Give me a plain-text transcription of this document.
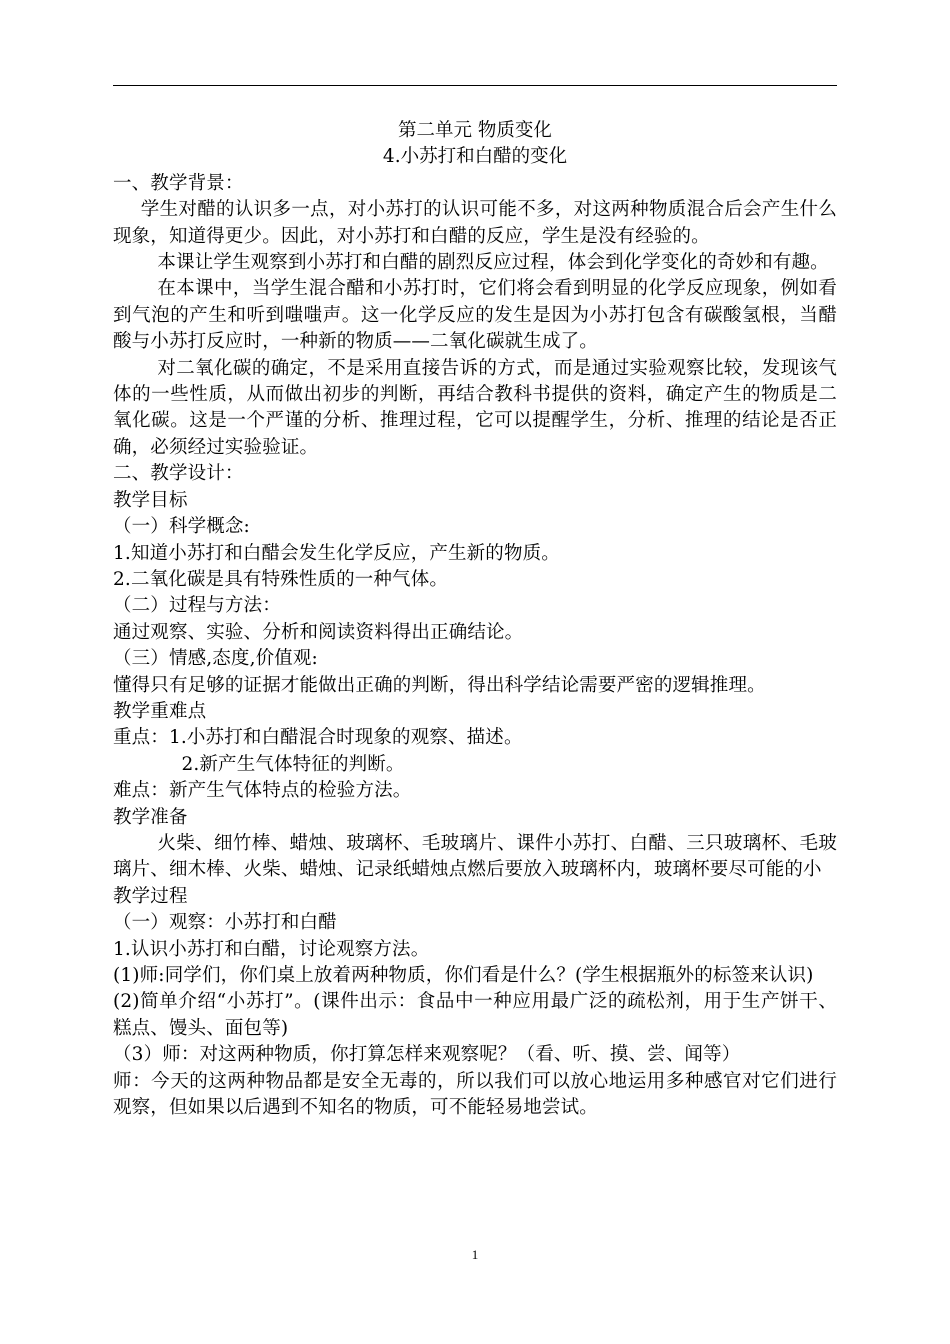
第二单元 物质变化

4.小苏打和白醋的变化

一、教学背景：

学生对醋的认识多一点，对小苏打的认识可能不多，对这两种物质混合后会产生什么现象，知道得更少。因此，对小苏打和白醋的反应，学生是没有经验的。

本课让学生观察到小苏打和白醋的剧烈反应过程，体会到化学变化的奇妙和有趣。

在本课中，当学生混合醋和小苏打时，它们将会看到明显的化学反应现象，例如看到气泡的产生和听到嗤嗤声。这一化学反应的发生是因为小苏打包含有碳酸氢根，当醋酸与小苏打反应时，一种新的物质——二氧化碳就生成了。

对二氧化碳的确定，不是采用直接告诉的方式，而是通过实验观察比较，发现该气体的一些性质，从而做出初步的判断，再结合教科书提供的资料，确定产生的物质是二氧化碳。这是一个严谨的分析、推理过程，它可以提醒学生，分析、推理的结论是否正确，必须经过实验验证。

二、教学设计：

教学目标

（一）科学概念:

1.知道小苏打和白醋会发生化学反应，产生新的物质。

2.二氧化碳是具有特殊性质的一种气体。

（二）过程与方法：

通过观察、实验、分析和阅读资料得出正确结论。

（三）情感,态度,价值观:

懂得只有足够的证据才能做出正确的判断，得出科学结论需要严密的逻辑推理。

教学重难点

重点：1.小苏打和白醋混合时现象的观察、描述。

2.新产生气体特征的判断。

难点：新产生气体特点的检验方法。

教学准备

火柴、细竹棒、蜡烛、玻璃杯、毛玻璃片、课件小苏打、白醋、三只玻璃杯、毛玻璃片、细木棒、火柴、蜡烛、记录纸蜡烛点燃后要放入玻璃杯内，玻璃杯要尽可能的小

教学过程

（一）观察：小苏打和白醋

1.认识小苏打和白醋，讨论观察方法。

(1)师:同学们，你们桌上放着两种物质，你们看是什么？(学生根据瓶外的标签来认识)

(2)简单介绍“小苏打”。(课件出示：食品中一种应用最广泛的疏松剂，用于生产饼干、糕点、馒头、面包等)

（3）师：对这两种物质，你打算怎样来观察呢？（看、听、摸、尝、闻等）

师：今天的这两种物品都是安全无毒的，所以我们可以放心地运用多种感官对它们进行观察，但如果以后遇到不知名的物质，可不能轻易地尝试。

1
